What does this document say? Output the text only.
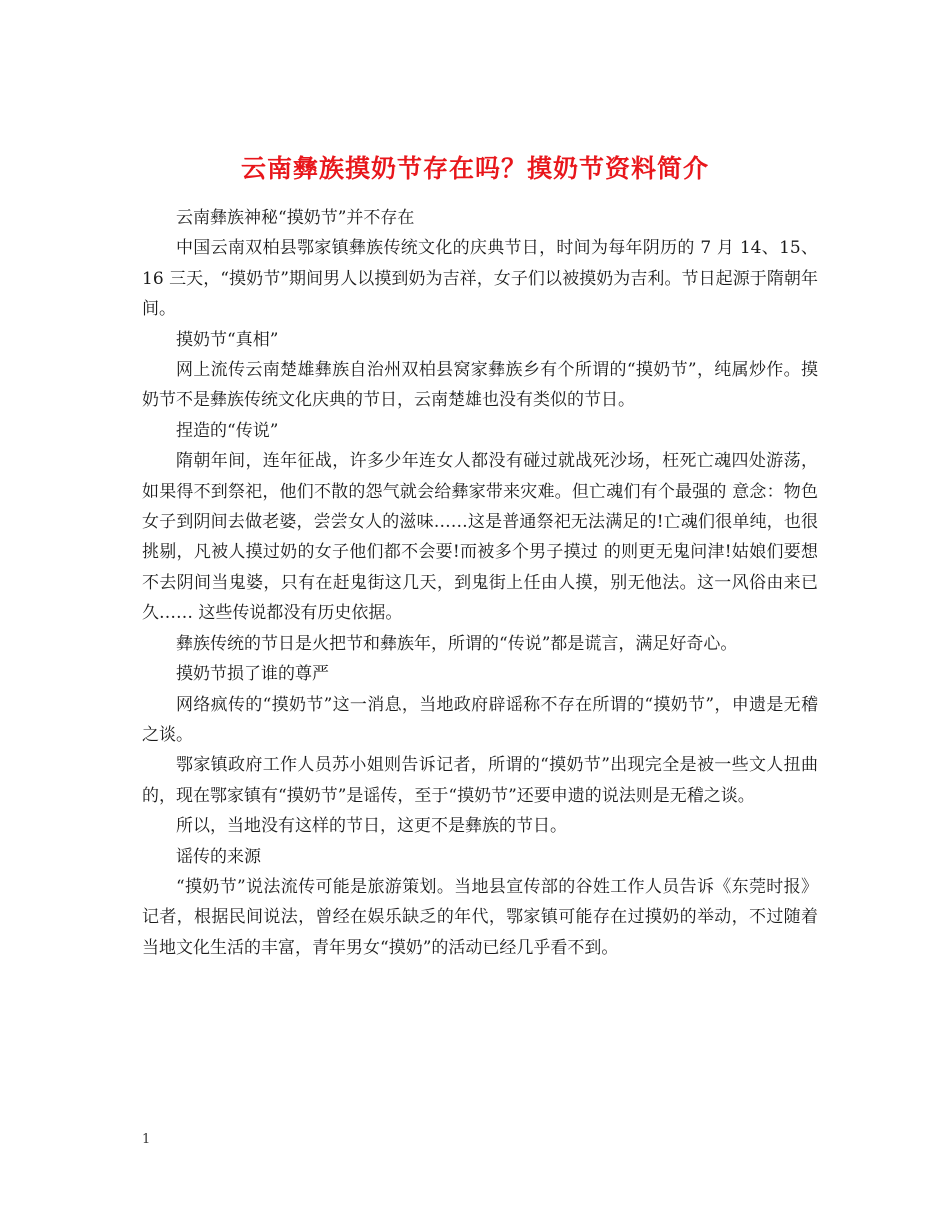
云南彝族摸奶节存在吗？摸奶节资料简介

云南彝族神秘“摸奶节”并不存在

中国云南双柏县鄂家镇彝族传统文化的庆典节日，时间为每年阴历的 7 月 14、15、16 三天，“摸奶节”期间男人以摸到奶为吉祥，女子们以被摸奶为吉利。节日起源于隋朝年间。

摸奶节“真相”

网上流传云南楚雄彝族自治州双柏县窝家彝族乡有个所谓的“摸奶节”，纯属炒作。摸奶节不是彝族传统文化庆典的节日，云南楚雄也没有类似的节日。

捏造的“传说”

隋朝年间，连年征战，许多少年连女人都没有碰过就战死沙场，枉死亡魂四处游荡，如果得不到祭祀，他们不散的怨气就会给彝家带来灾难。但亡魂们有个最强的 意念：物色女子到阴间去做老婆，尝尝女人的滋味……这是普通祭祀无法满足的!亡魂们很单纯，也很挑剔，凡被人摸过奶的女子他们都不会要!而被多个男子摸过 的则更无鬼问津!姑娘们要想不去阴间当鬼婆，只有在赶鬼街这几天，到鬼街上任由人摸，别无他法。这一风俗由来已久…… 这些传说都没有历史依据。

彝族传统的节日是火把节和彝族年，所谓的“传说”都是谎言，满足好奇心。

摸奶节损了谁的尊严

网络疯传的“摸奶节”这一消息，当地政府辟谣称不存在所谓的“摸奶节”，申遗是无稽之谈。

鄂家镇政府工作人员苏小姐则告诉记者，所谓的“摸奶节”出现完全是被一些文人扭曲的，现在鄂家镇有“摸奶节”是谣传，至于“摸奶节”还要申遗的说法则是无稽之谈。

所以，当地没有这样的节日，这更不是彝族的节日。

谣传的来源

“摸奶节”说法流传可能是旅游策划。当地县宣传部的谷姓工作人员告诉《东莞时报》记者，根据民间说法，曾经在娱乐缺乏的年代，鄂家镇可能存在过摸奶的举动，不过随着当地文化生活的丰富，青年男女“摸奶”的活动已经几乎看不到。

1
